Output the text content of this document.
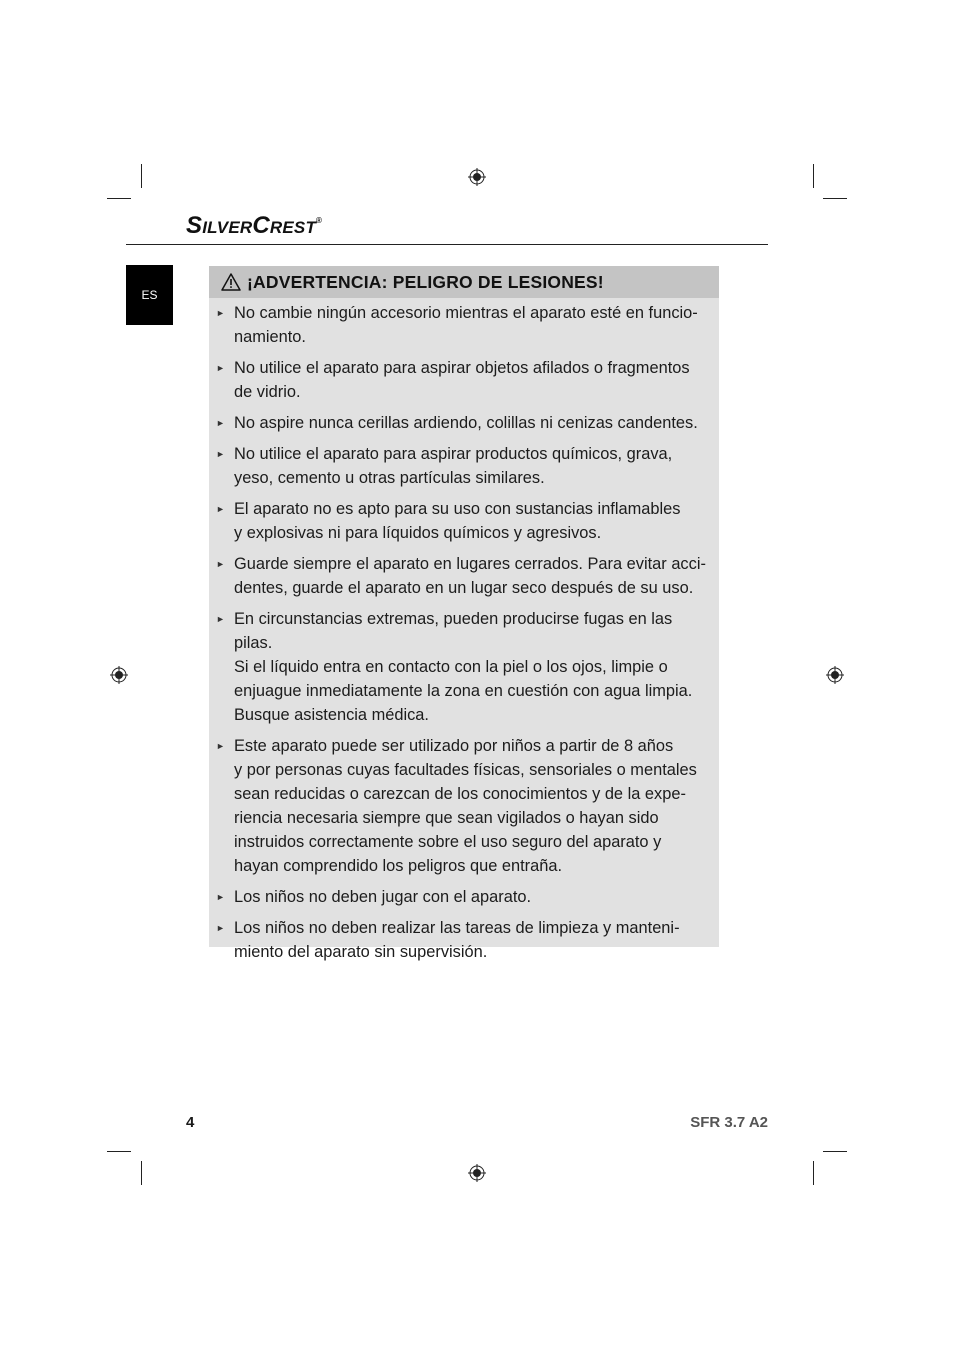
SILVERCREST®
ES
¡ADVERTENCIA: PELIGRO DE LESIONES!
► No cambie ningún accesorio mientras el aparato esté en funcio-
namiento.
► No utilice el aparato para aspirar objetos afilados o fragmentos
de vidrio.
► No aspire nunca cerillas ardiendo, colillas ni cenizas candentes.
► No utilice el aparato para aspirar productos químicos, grava,
yeso, cemento u otras partículas similares.
► El aparato no es apto para su uso con sustancias inflamables
y explosivas ni para líquidos químicos y agresivos.
► Guarde siempre el aparato en lugares cerrados. Para evitar acci-
dentes, guarde el aparato en un lugar seco después de su uso.
► En circunstancias extremas, pueden producirse fugas en las pilas.
Si el líquido entra en contacto con la piel o los ojos, limpie o
enjuague inmediatamente la zona en cuestión con agua limpia.
Busque asistencia médica.
► Este aparato puede ser utilizado por niños a partir de 8 años
y por personas cuyas facultades físicas, sensoriales o mentales
sean reducidas o carezcan de los conocimientos y de la expe-
riencia necesaria siempre que sean vigilados o hayan sido
instruidos correctamente sobre el uso seguro del aparato y
hayan comprendido los peligros que entraña.
► Los niños no deben jugar con el aparato.
► Los niños no deben realizar las tareas de limpieza y manteni-
miento del aparato sin supervisión.
4	SFR 3.7 A2
